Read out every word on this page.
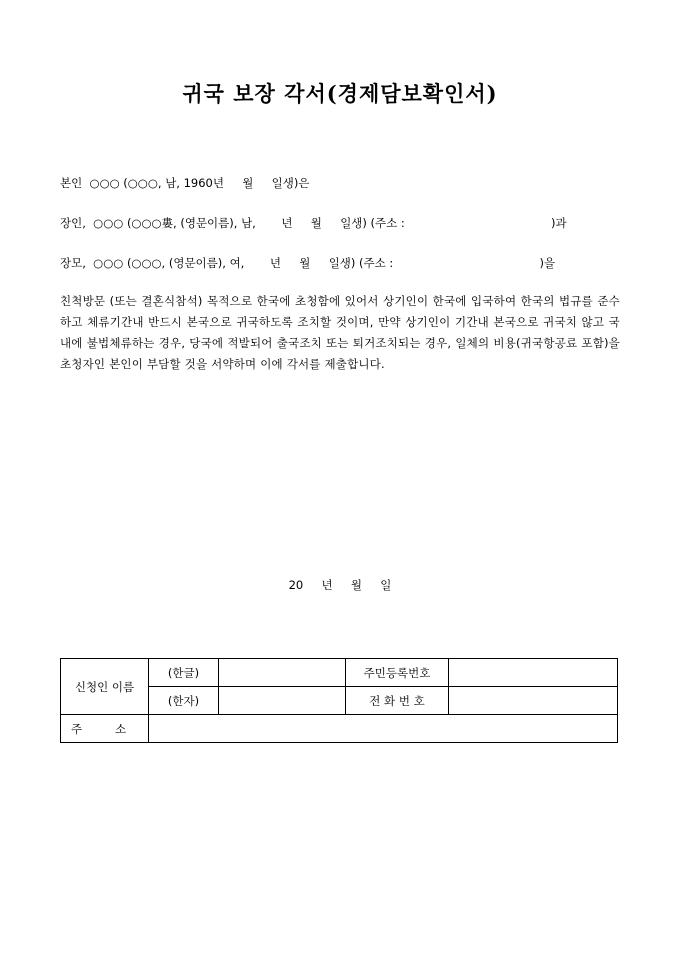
귀국 보장 각서(경제담보확인서)
본인  ○○○ (○○○, 남, 1960년     월     일생)은
장인,  ○○○ (○○○婁, (영문이름), 남,       년     월     일생) (주소 :                                        )과
장모,  ○○○ (○○○, (영문이름), 여,       년     월     일생) (주소 :                                        )을
친척방문 (또는 결혼식참석) 목적으로 한국에 초청함에 있어서 상기인이 한국에 입국하여 한국의 법규를 준수하고 체류기간내 반드시 본국으로 귀국하도록 조치할 것이며, 만약 상기인이 기간내 본국으로 귀국치 않고 국내에 불법체류하는 경우, 당국에 적발되어 출국조치 또는 퇴거조치되는 경우, 일체의 비용(귀국항공료 포함)을 초청자인 본인이 부담할 것을 서약하며 이에 각서를 제출합니다.
20     년     월     일
신청인 이름	(한글)		주민등록번호	
	(한자)		전 화 번 호	
주         소				
